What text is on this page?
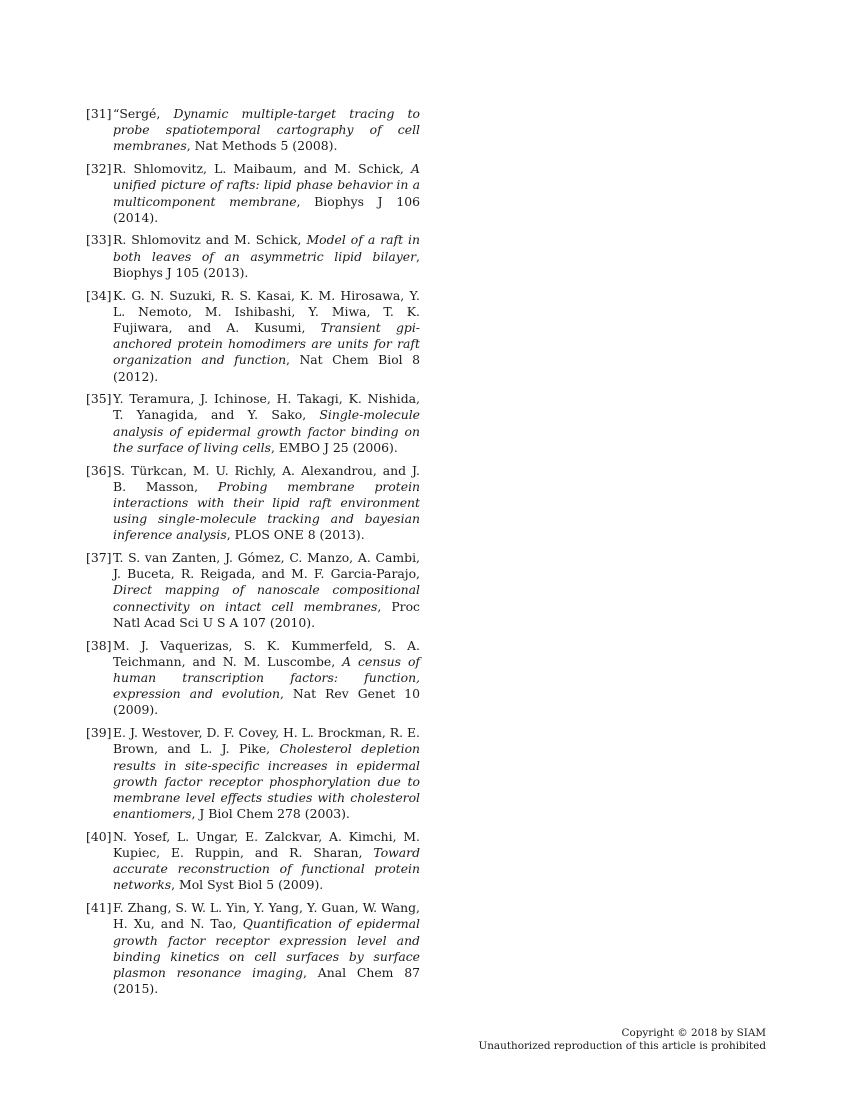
[31] “Sergé, Dynamic multiple-target tracing to probe spatiotemporal cartography of cell membranes, Nat Methods 5 (2008).
[32] R. Shlomovitz, L. Maibaum, and M. Schick, A unified picture of rafts: lipid phase behavior in a multicomponent membrane, Biophys J 106 (2014).
[33] R. Shlomovitz and M. Schick, Model of a raft in both leaves of an asymmetric lipid bilayer, Biophys J 105 (2013).
[34] K. G. N. Suzuki, R. S. Kasai, K. M. Hirosawa, Y. L. Nemoto, M. Ishibashi, Y. Miwa, T. K. Fujiwara, and A. Kusumi, Transient gpi-anchored protein homodimers are units for raft organization and function, Nat Chem Biol 8 (2012).
[35] Y. Teramura, J. Ichinose, H. Takagi, K. Nishida, T. Yanagida, and Y. Sako, Single-molecule analysis of epidermal growth factor binding on the surface of living cells, EMBO J 25 (2006).
[36] S. Türkcan, M. U. Richly, A. Alexandrou, and J. B. Masson, Probing membrane protein interactions with their lipid raft environment using single-molecule tracking and bayesian inference analysis, PLOS ONE 8 (2013).
[37] T. S. van Zanten, J. Gómez, C. Manzo, A. Cambi, J. Buceta, R. Reigada, and M. F. Garcia-Parajo, Direct mapping of nanoscale compositional connectivity on intact cell membranes, Proc Natl Acad Sci U S A 107 (2010).
[38] M. J. Vaquerizas, S. K. Kummerfeld, S. A. Teichmann, and N. M. Luscombe, A census of human transcription factors: function, expression and evolution, Nat Rev Genet 10 (2009).
[39] E. J. Westover, D. F. Covey, H. L. Brockman, R. E. Brown, and L. J. Pike, Cholesterol depletion results in site-specific increases in epidermal growth factor receptor phosphorylation due to membrane level effects studies with cholesterol enantiomers, J Biol Chem 278 (2003).
[40] N. Yosef, L. Ungar, E. Zalckvar, A. Kimchi, M. Kupiec, E. Ruppin, and R. Sharan, Toward accurate reconstruction of functional protein networks, Mol Syst Biol 5 (2009).
[41] F. Zhang, S. W. L. Yin, Y. Yang, Y. Guan, W. Wang, H. Xu, and N. Tao, Quantification of epidermal growth factor receptor expression level and binding kinetics on cell surfaces by surface plasmon resonance imaging, Anal Chem 87 (2015).
Copyright © 2018 by SIAM
Unauthorized reproduction of this article is prohibited
